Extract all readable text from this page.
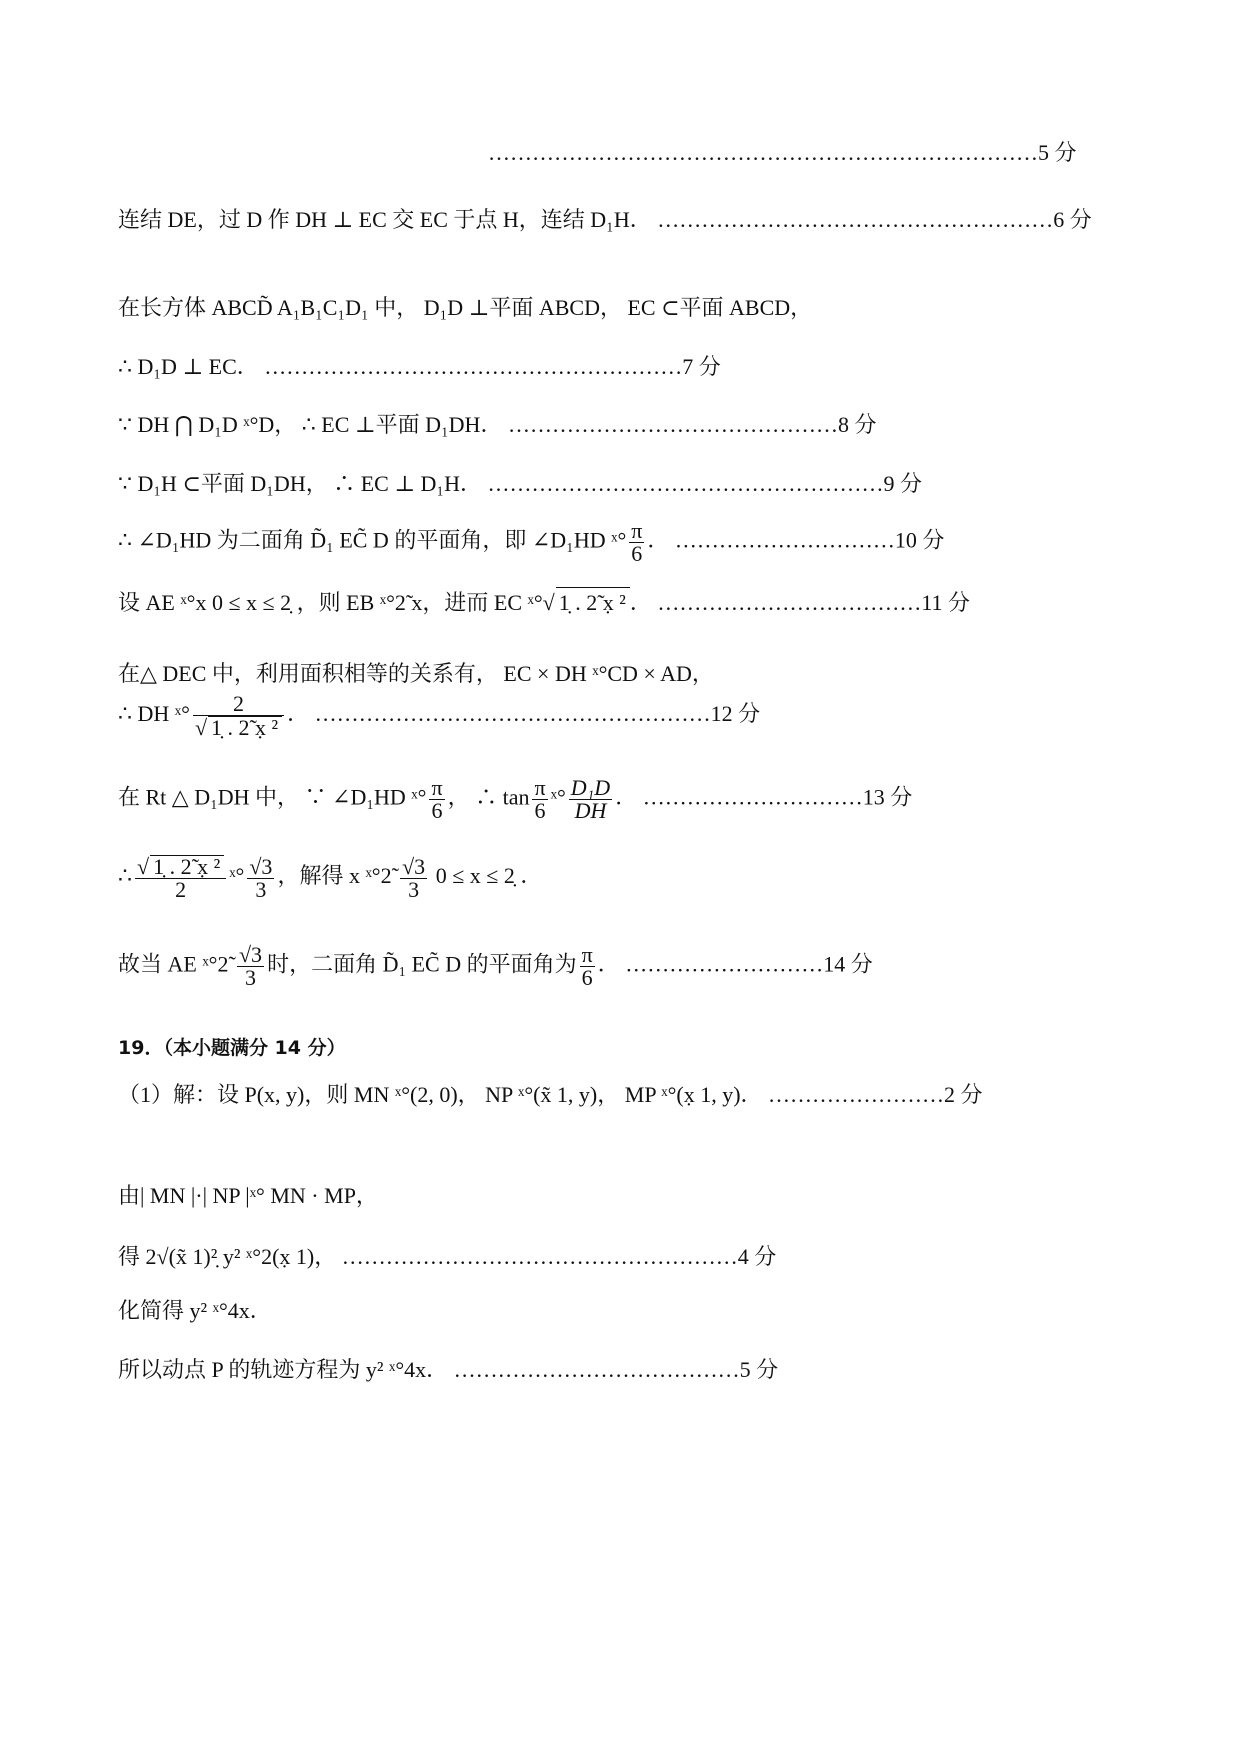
…………………………………………………………………5 分
连结 DE，过 D 作 DH ⊥ EC 交 EC 于点 H，连结 D₁H． ………………………………………………6 分
在长方体 ABCD̃ A₁B₁C₁D₁ 中， D₁D ⊥平面 ABCD， EC ⊂平面 ABCD，
∴ D₁D ⊥ EC． …………………………………………………7 分
∵ DH ⋂ D₁D ˣ°D， ∴ EC ⊥平面 D₁DH． ………………………………………8 分
∵ D₁H ⊂平面 D₁DH， ∴ EC ⊥ D₁H． ………………………………………………9 分
∴ ∠D₁HD 为二面角 D̃₁ EC̃ D 的平面角，即 ∠D₁HD ˣ° $\frac{\pi}{6}$ ． …………………………10 分
设 AE ˣ°x 0 ≤ x ≤ 2̣ ，则 EB ˣ°2̃ x，进而 EC ˣ°√ 1̣ . 2̃ x̣ ² ． ………………………………11 分
在△ DEC 中，利用面积相等的关系有， EC × DH ˣ°CD × AD，
∴ DH ˣ° $\frac{2}{\text{√ 1̣ . 2̃ x̣ ²}}$ ． ………………………………………………12 分
在 Rt △ D₁DH 中， ∵ ∠D₁HD ˣ° $\frac{\pi}{6}$ ， ∴ $\tan \frac{\pi}{6}$ ˣ° $\frac{\text{D₁D}}{DH}$ ． …………………………13 分
∴ $\frac{\text{√ 1̣ . 2̃ x̣ ²}}{2}$ ˣ° $\frac{√3}{3}$ ，解得 x ˣ°2̃ $\frac{√3}{3} 0 \le x$ ≤ 2̣ ．
故当 AE ˣ°2̃ $\frac{√3}{3}$ 时，二面角 D̃₁ EC̃ D 的平面角为 $\frac{\pi}{6}$ ． ………………………14 分
19．（本小题满分 14 分）
（1）解：设 P(x, y)，则 MN ˣ°(2, 0)， NP ˣ°(x̃ 1, y)， MP ˣ°(x̣ 1, y)． ……………………2 分
由| MN |·| NP |ˣ° MN · MP，
得 2√(x̃ 1)²̣ y² ˣ°2(x̣ 1)， ………………………………………………4 分
化简得 y² ˣ°4x．
所以动点 P 的轨迹方程为 y² ˣ°4x． …………………………………5 分
